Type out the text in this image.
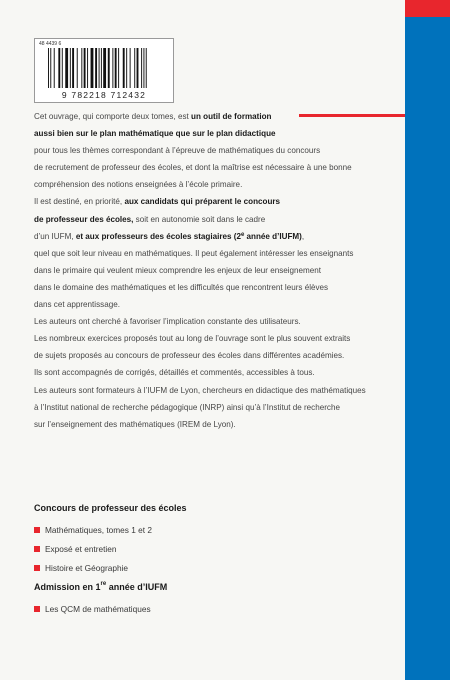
48 4439 6
9 782218 712432
Cet ouvrage, qui comporte deux tomes, est un outil de formation
aussi bien sur le plan mathématique que sur le plan didactique
pour tous les thèmes correspondant à l’épreuve de mathématiques du concours
de recrutement de professeur des écoles, et dont la maîtrise est nécessaire à une bonne
compréhension des notions enseignées à l’école primaire.
Il est destiné, en priorité, aux candidats qui préparent le concours
de professeur des écoles, soit en autonomie soit dans le cadre
d’un IUFM, et aux professeurs des écoles stagiaires (2e année d’IUFM),
quel que soit leur niveau en mathématiques. Il peut également intéresser les enseignants
dans le primaire qui veulent mieux comprendre les enjeux de leur enseignement
dans le domaine des mathématiques et les difficultés que rencontrent leurs élèves
dans cet apprentissage.
Les auteurs ont cherché à favoriser l’implication constante des utilisateurs.
Les nombreux exercices proposés tout au long de l’ouvrage sont le plus souvent extraits
de sujets proposés au concours de professeur des écoles dans différentes académies.
Ils sont accompagnés de corrigés, détaillés et commentés, accessibles à tous.
Les auteurs sont formateurs à l’IUFM de Lyon, chercheurs en didactique des mathématiques
à l’Institut national de recherche pédagogique (INRP) ainsi qu’à l’Institut de recherche
sur l’enseignement des mathématiques (IREM de Lyon).
Concours de professeur des écoles
Mathématiques, tomes 1 et 2
Exposé et entretien
Histoire et Géographie
Admission en 1re année d’IUFM
Les QCM de mathématiques
